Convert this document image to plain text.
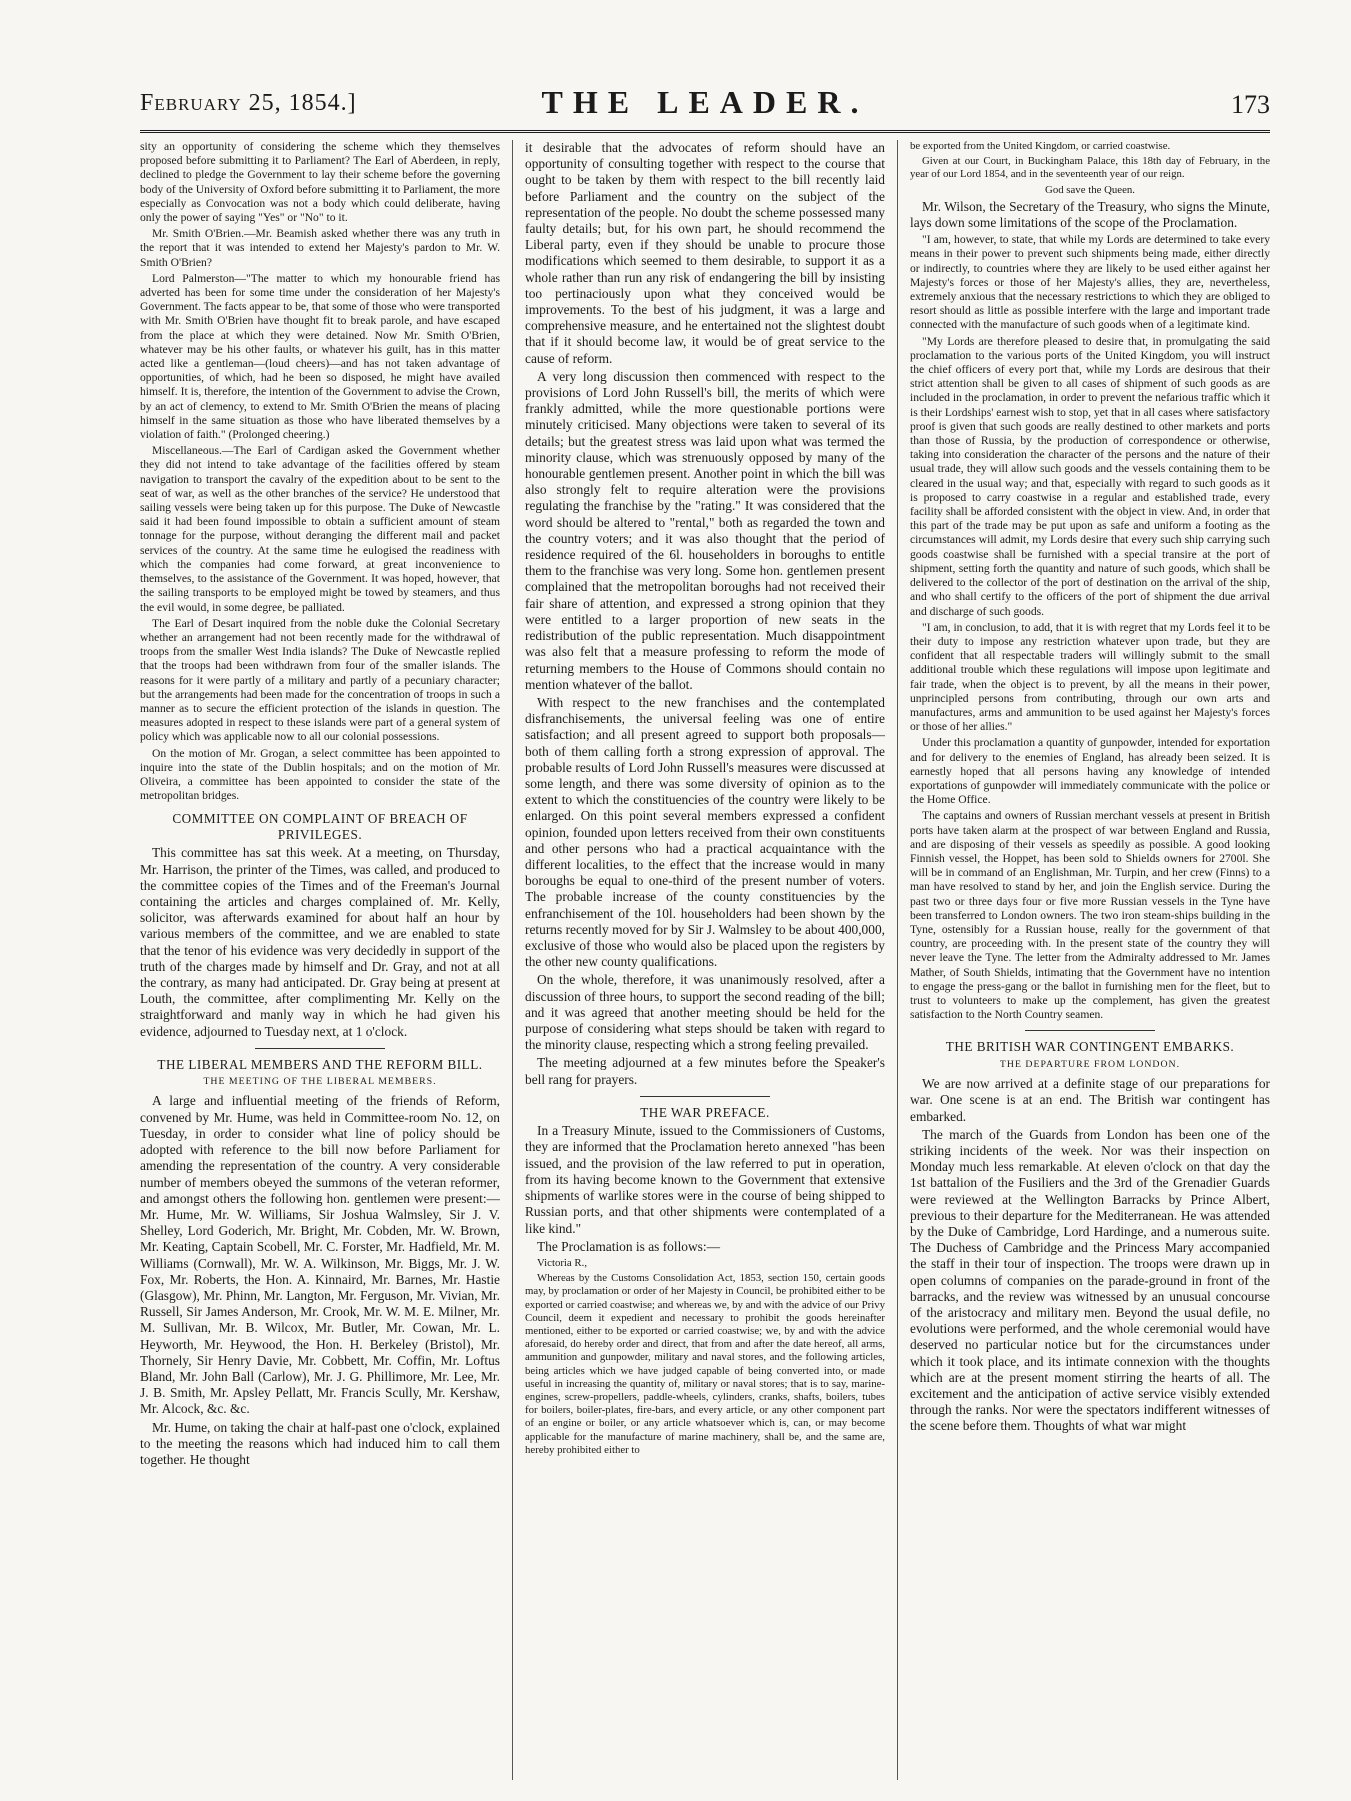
February 25, 1854.]	THE LEADER.	173

sity an opportunity of considering the scheme which they themselves proposed before submitting it to Parliament? The Earl of Aberdeen, in reply, declined to pledge the Government to lay their scheme before the governing body of the University of Oxford before submitting it to Parliament, the more especially as Convocation was not a body which could deliberate, having only the power of saying "Yes" or "No" to it.

Mr. Smith O'Brien.—Mr. Beamish asked whether there was any truth in the report that it was intended to extend her Majesty's pardon to Mr. W. Smith O'Brien?

Lord Palmerston—"The matter to which my honourable friend has adverted has been for some time under the consideration of her Majesty's Government. The facts appear to be, that some of those who were transported with Mr. Smith O'Brien have thought fit to break parole, and have escaped from the place at which they were detained. Now Mr. Smith O'Brien, whatever may be his other faults, or whatever his guilt, has in this matter acted like a gentleman—(loud cheers)—and has not taken advantage of opportunities, of which, had he been so disposed, he might have availed himself. It is, therefore, the intention of the Government to advise the Crown, by an act of clemency, to extend to Mr. Smith O'Brien the means of placing himself in the same situation as those who have liberated themselves by a violation of faith." (Prolonged cheering.)

Miscellaneous.—The Earl of Cardigan asked the Government whether they did not intend to take advantage of the facilities offered by steam navigation to transport the cavalry of the expedition about to be sent to the seat of war, as well as the other branches of the service? He understood that sailing vessels were being taken up for this purpose. The Duke of Newcastle said it had been found impossible to obtain a sufficient amount of steam tonnage for the purpose, without deranging the different mail and packet services of the country. At the same time he eulogised the readiness with which the companies had come forward, at great inconvenience to themselves, to the assistance of the Government. It was hoped, however, that the sailing transports to be employed might be towed by steamers, and thus the evil would, in some degree, be palliated.

The Earl of Desart inquired from the noble duke the Colonial Secretary whether an arrangement had not been recently made for the withdrawal of troops from the smaller West India islands? The Duke of Newcastle replied that the troops had been withdrawn from four of the smaller islands. The reasons for it were partly of a military and partly of a pecuniary character; but the arrangements had been made for the concentration of troops in such a manner as to secure the efficient protection of the islands in question. The measures adopted in respect to these islands were part of a general system of policy which was applicable now to all our colonial possessions.

On the motion of Mr. Grogan, a select committee has been appointed to inquire into the state of the Dublin hospitals; and on the motion of Mr. Oliveira, a committee has been appointed to consider the state of the metropolitan bridges.

COMMITTEE ON COMPLAINT OF BREACH OF PRIVILEGES.

This committee has sat this week. At a meeting, on Thursday, Mr. Harrison, the printer of the Times, was called, and produced to the committee copies of the Times and of the Freeman's Journal containing the articles and charges complained of. Mr. Kelly, solicitor, was afterwards examined for about half an hour by various members of the committee, and we are enabled to state that the tenor of his evidence was very decidedly in support of the truth of the charges made by himself and Dr. Gray, and not at all the contrary, as many had anticipated. Dr. Gray being at present at Louth, the committee, after complimenting Mr. Kelly on the straightforward and manly way in which he had given his evidence, adjourned to Tuesday next, at 1 o'clock.

THE LIBERAL MEMBERS AND THE REFORM BILL.
THE MEETING OF THE LIBERAL MEMBERS.

A large and influential meeting of the friends of Reform, convened by Mr. Hume, was held in Committee-room No. 12, on Tuesday, in order to consider what line of policy should be adopted with reference to the bill now before Parliament for amending the representation of the country. A very considerable number of members obeyed the summons of the veteran reformer, and amongst others the following hon. gentlemen were present:—Mr. Hume, Mr. W. Williams, Sir Joshua Walmsley, Sir J. V. Shelley, Lord Goderich, Mr. Bright, Mr. Cobden, Mr. W. Brown, Mr. Keating, Captain Scobell, Mr. C. Forster, Mr. Hadfield, Mr. M. Williams (Cornwall), Mr. W. A. Wilkinson, Mr. Biggs, Mr. J. W. Fox, Mr. Roberts, the Hon. A. Kinnaird, Mr. Barnes, Mr. Hastie (Glasgow), Mr. Phinn, Mr. Langton, Mr. Ferguson, Mr. Vivian, Mr. Russell, Sir James Anderson, Mr. Crook, Mr. W. M. E. Milner, Mr. M. Sullivan, Mr. B. Wilcox, Mr. Butler, Mr. Cowan, Mr. L. Heyworth, Mr. Heywood, the Hon. H. Berkeley (Bristol), Mr. Thornely, Sir Henry Davie, Mr. Cobbett, Mr. Coffin, Mr. Loftus Bland, Mr. John Ball (Carlow), Mr. J. G. Phillimore, Mr. Lee, Mr. J. B. Smith, Mr. Apsley Pellatt, Mr. Francis Scully, Mr. Kershaw, Mr. Alcock, &c. &c.

Mr. Hume, on taking the chair at half-past one o'clock, explained to the meeting the reasons which had induced him to call them together. He thought

it desirable that the advocates of reform should have an opportunity of consulting together with respect to the course that ought to be taken by them with respect to the bill recently laid before Parliament and the country on the subject of the representation of the people. No doubt the scheme possessed many faulty details; but, for his own part, he should recommend the Liberal party, even if they should be unable to procure those modifications which seemed to them desirable, to support it as a whole rather than run any risk of endangering the bill by insisting too pertinaciously upon what they conceived would be improvements. To the best of his judgment, it was a large and comprehensive measure, and he entertained not the slightest doubt that if it should become law, it would be of great service to the cause of reform.

A very long discussion then commenced with respect to the provisions of Lord John Russell's bill, the merits of which were frankly admitted, while the more questionable portions were minutely criticised. Many objections were taken to several of its details; but the greatest stress was laid upon what was termed the minority clause, which was strenuously opposed by many of the honourable gentlemen present. Another point in which the bill was also strongly felt to require alteration were the provisions regulating the franchise by the "rating." It was considered that the word should be altered to "rental," both as regarded the town and the country voters; and it was also thought that the period of residence required of the 6l. householders in boroughs to entitle them to the franchise was very long. Some hon. gentlemen present complained that the metropolitan boroughs had not received their fair share of attention, and expressed a strong opinion that they were entitled to a larger proportion of new seats in the redistribution of the public representation. Much disappointment was also felt that a measure professing to reform the mode of returning members to the House of Commons should contain no mention whatever of the ballot.

With respect to the new franchises and the contemplated disfranchisements, the universal feeling was one of entire satisfaction; and all present agreed to support both proposals—both of them calling forth a strong expression of approval. The probable results of Lord John Russell's measures were discussed at some length, and there was some diversity of opinion as to the extent to which the constituencies of the country were likely to be enlarged. On this point several members expressed a confident opinion, founded upon letters received from their own constituents and other persons who had a practical acquaintance with the different localities, to the effect that the increase would in many boroughs be equal to one-third of the present number of voters. The probable increase of the county constituencies by the enfranchisement of the 10l. householders had been shown by the returns recently moved for by Sir J. Walmsley to be about 400,000, exclusive of those who would also be placed upon the registers by the other new county qualifications.

On the whole, therefore, it was unanimously resolved, after a discussion of three hours, to support the second reading of the bill; and it was agreed that another meeting should be held for the purpose of considering what steps should be taken with regard to the minority clause, respecting which a strong feeling prevailed.

The meeting adjourned at a few minutes before the Speaker's bell rang for prayers.

THE WAR PREFACE.

In a Treasury Minute, issued to the Commissioners of Customs, they are informed that the Proclamation hereto annexed "has been issued, and the provision of the law referred to put in operation, from its having become known to the Government that extensive shipments of warlike stores were in the course of being shipped to Russian ports, and that other shipments were contemplated of a like kind."

The Proclamation is as follows:—

Victoria R.,

Whereas by the Customs Consolidation Act, 1853, section 150, certain goods may, by proclamation or order of her Majesty in Council, be prohibited either to be exported or carried coastwise; and whereas we, by and with the advice of our Privy Council, deem it expedient and necessary to prohibit the goods hereinafter mentioned, either to be exported or carried coastwise; we, by and with the advice aforesaid, do hereby order and direct, that from and after the date hereof, all arms, ammunition and gunpowder, military and naval stores, and the following articles, being articles which we have judged capable of being converted into, or made useful in increasing the quantity of, military or naval stores; that is to say, marine-engines, screw-propellers, paddle-wheels, cylinders, cranks, shafts, boilers, tubes for boilers, boiler-plates, fire-bars, and every article, or any other component part of an engine or boiler, or any article whatsoever which is, can, or may become applicable for the manufacture of marine machinery, shall be, and the same are, hereby prohibited either to

be exported from the United Kingdom, or carried coastwise.

Given at our Court, in Buckingham Palace, this 18th day of February, in the year of our Lord 1854, and in the seventeenth year of our reign.

God save the Queen.

Mr. Wilson, the Secretary of the Treasury, who signs the Minute, lays down some limitations of the scope of the Proclamation.

"I am, however, to state, that while my Lords are determined to take every means in their power to prevent such shipments being made, either directly or indirectly, to countries where they are likely to be used either against her Majesty's forces or those of her Majesty's allies, they are, nevertheless, extremely anxious that the necessary restrictions to which they are obliged to resort should as little as possible interfere with the large and important trade connected with the manufacture of such goods when of a legitimate kind.

"My Lords are therefore pleased to desire that, in promulgating the said proclamation to the various ports of the United Kingdom, you will instruct the chief officers of every port that, while my Lords are desirous that their strict attention shall be given to all cases of shipment of such goods as are included in the proclamation, in order to prevent the nefarious traffic which it is their Lordships' earnest wish to stop, yet that in all cases where satisfactory proof is given that such goods are really destined to other markets and ports than those of Russia, by the production of correspondence or otherwise, taking into consideration the character of the persons and the nature of their usual trade, they will allow such goods and the vessels containing them to be cleared in the usual way; and that, especially with regard to such goods as it is proposed to carry coastwise in a regular and established trade, every facility shall be afforded consistent with the object in view. And, in order that this part of the trade may be put upon as safe and uniform a footing as the circumstances will admit, my Lords desire that every such ship carrying such goods coastwise shall be furnished with a special transire at the port of shipment, setting forth the quantity and nature of such goods, which shall be delivered to the collector of the port of destination on the arrival of the ship, and who shall certify to the officers of the port of shipment the due arrival and discharge of such goods.

"I am, in conclusion, to add, that it is with regret that my Lords feel it to be their duty to impose any restriction whatever upon trade, but they are confident that all respectable traders will willingly submit to the small additional trouble which these regulations will impose upon legitimate and fair trade, when the object is to prevent, by all the means in their power, unprincipled persons from contributing, through our own arts and manufactures, arms and ammunition to be used against her Majesty's forces or those of her allies."

Under this proclamation a quantity of gunpowder, intended for exportation and for delivery to the enemies of England, has already been seized. It is earnestly hoped that all persons having any knowledge of intended exportations of gunpowder will immediately communicate with the police or the Home Office.

The captains and owners of Russian merchant vessels at present in British ports have taken alarm at the prospect of war between England and Russia, and are disposing of their vessels as speedily as possible. A good looking Finnish vessel, the Hoppet, has been sold to Shields owners for 2700l. She will be in command of an Englishman, Mr. Turpin, and her crew (Finns) to a man have resolved to stand by her, and join the English service. During the past two or three days four or five more Russian vessels in the Tyne have been transferred to London owners. The two iron steam-ships building in the Tyne, ostensibly for a Russian house, really for the government of that country, are proceeding with. In the present state of the country they will never leave the Tyne. The letter from the Admiralty addressed to Mr. James Mather, of South Shields, intimating that the Government have no intention to engage the press-gang or the ballot in furnishing men for the fleet, but to trust to volunteers to make up the complement, has given the greatest satisfaction to the North Country seamen.

THE BRITISH WAR CONTINGENT EMBARKS.
THE DEPARTURE FROM LONDON.

We are now arrived at a definite stage of our preparations for war. One scene is at an end. The British war contingent has embarked.

The march of the Guards from London has been one of the striking incidents of the week. Nor was their inspection on Monday much less remarkable. At eleven o'clock on that day the 1st battalion of the Fusiliers and the 3rd of the Grenadier Guards were reviewed at the Wellington Barracks by Prince Albert, previous to their departure for the Mediterranean. He was attended by the Duke of Cambridge, Lord Hardinge, and a numerous suite. The Duchess of Cambridge and the Princess Mary accompanied the staff in their tour of inspection. The troops were drawn up in open columns of companies on the parade-ground in front of the barracks, and the review was witnessed by an unusual concourse of the aristocracy and military men. Beyond the usual defile, no evolutions were performed, and the whole ceremonial would have deserved no particular notice but for the circumstances under which it took place, and its intimate connexion with the thoughts which are at the present moment stirring the hearts of all. The excitement and the anticipation of active service visibly extended through the ranks. Nor were the spectators indifferent witnesses of the scene before them. Thoughts of what war might
